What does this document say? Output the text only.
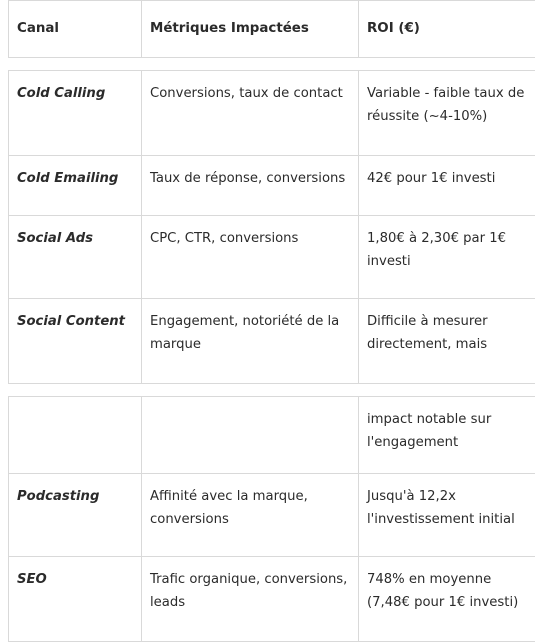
Canal	Métriques Impactées	ROI (€)

Cold Calling	Conversions, taux de contact	Variable - faible taux de réussite (~4-10%)

Cold Emailing	Taux de réponse, conversions	42€ pour 1€ investi

Social Ads	CPC, CTR, conversions	1,80€ à 2,30€ par 1€ investi

Social Content	Engagement, notoriété de la marque	Difficile à mesurer directement, mais

		impact notable sur l'engagement

Podcasting	Affinité avec la marque, conversions	Jusqu'à 12,2x l'investissement initial

SEO	Trafic organique, conversions, leads	748% en moyenne (7,48€ pour 1€ investi)
